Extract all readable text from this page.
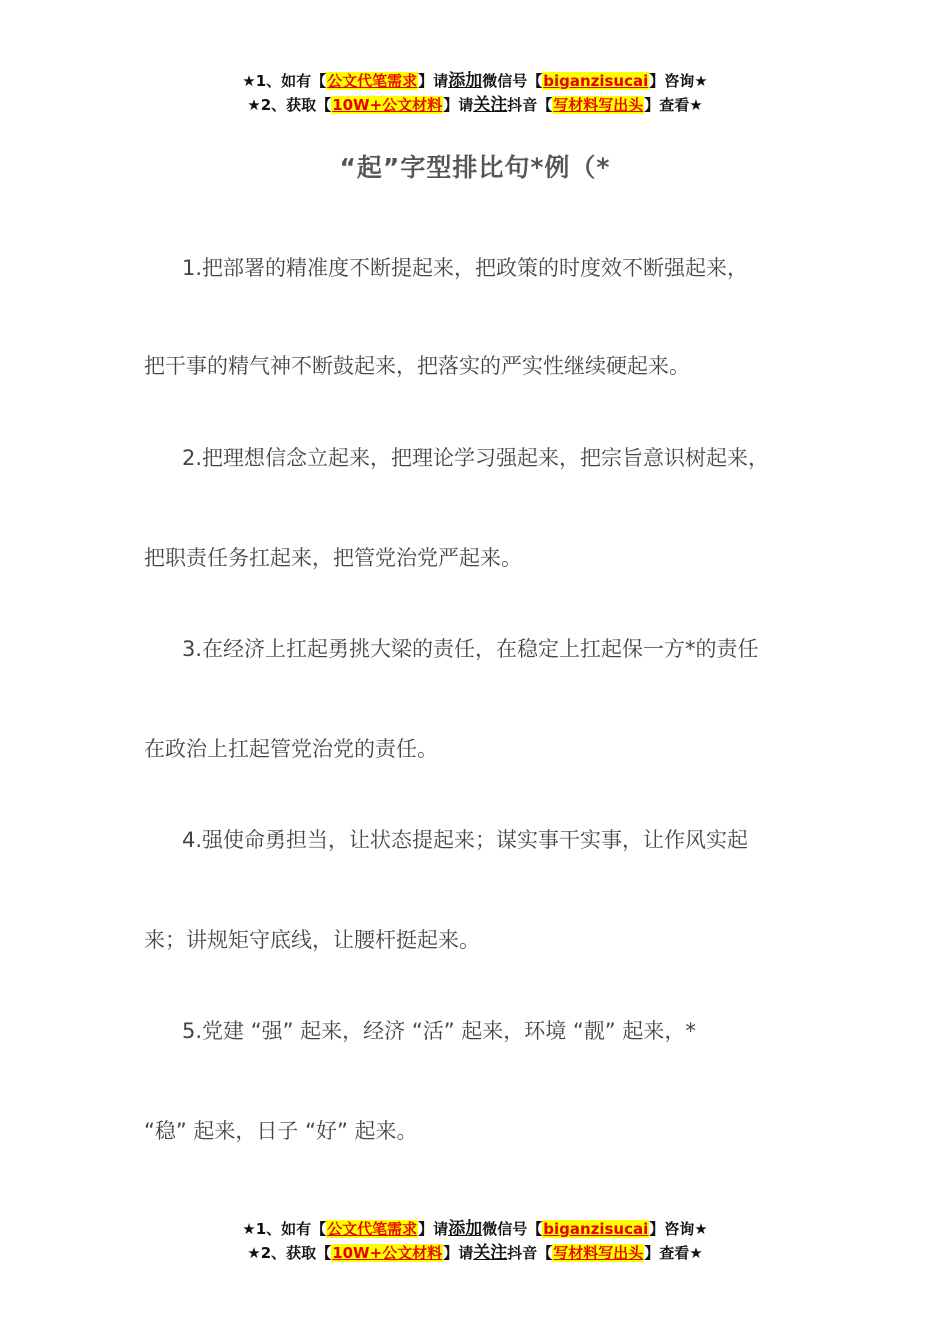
★1、如有【公文代笔需求】请添加微信号【biganzisucai】咨询★
★2、获取【10W+公文材料】请关注抖音【写材料写出头】查看★
“起”字型排比句*例（*
1.把部署的精准度不断提起来，把政策的时度效不断强起来，
把干事的精气神不断鼓起来，把落实的严实性继续硬起来。
2.把理想信念立起来，把理论学习强起来，把宗旨意识树起来，
把职责任务扛起来，把管党治党严起来。
3.在经济上扛起勇挑大梁的责任，在稳定上扛起保一方*的责任
在政治上扛起管党治党的责任。
4.强使命勇担当，让状态提起来；谋实事干实事，让作风实起
来；讲规矩守底线，让腰杆挺起来。
5.党建 “强” 起来，经济 “活” 起来，环境 “靓” 起来，*
“稳” 起来，日子 “好” 起来。
★1、如有【公文代笔需求】请添加微信号【biganzisucai】咨询★
★2、获取【10W+公文材料】请关注抖音【写材料写出头】查看★
